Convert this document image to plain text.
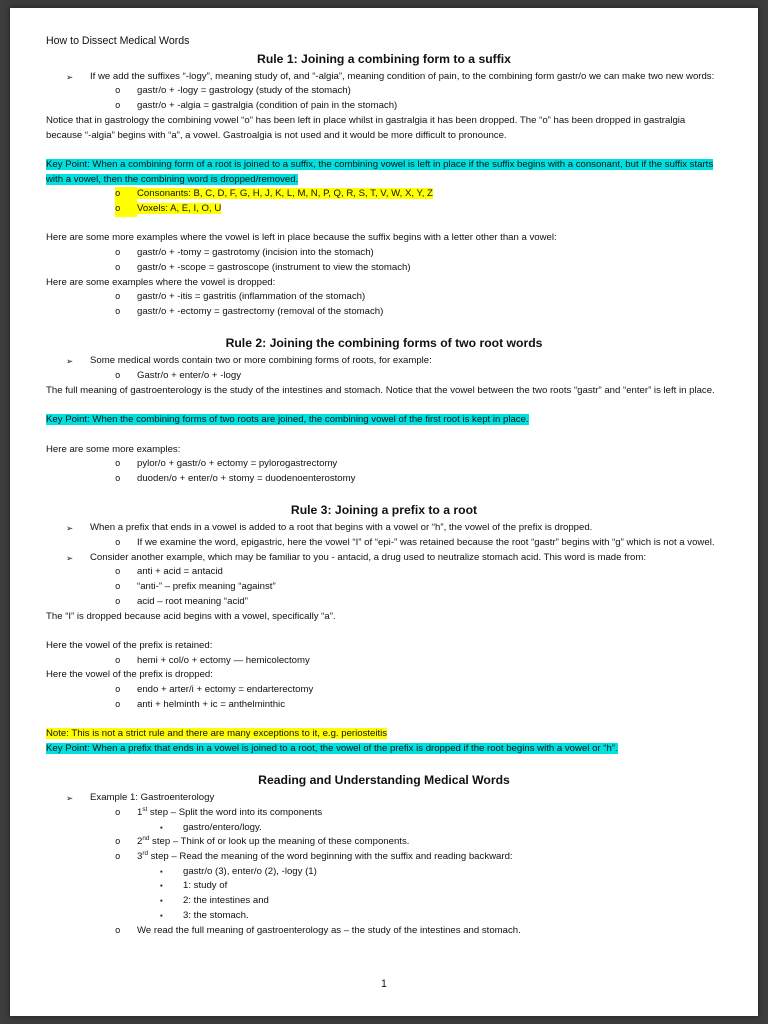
How to Dissect Medical Words
Rule 1: Joining a combining form to a suffix
➢	If we add the suffixes “-logy”, meaning study of, and “-algia”, meaning condition of pain, to the combining form gastr/o we can make two new words:
o	gastr/o + -logy = gastrology (study of the stomach)
o	gastr/o + -algia = gastralgia (condition of pain in the stomach)
Notice that in gastrology the combining vowel “o” has been left in place whilst in gastralgia it has been dropped. The “o” has been dropped in gastralgia because “-algia” begins with “a”, a vowel. Gastroalgia is not used and it would be more difficult to pronounce.
Key Point: When a combining form of a root is joined to a suffix, the combining vowel is left in place if the suffix begins with a consonant, but if the suffix starts with a vowel, then the combining word is dropped/removed.
o	Consonants: B, C, D, F, G, H, J, K, L, M, N, P, Q, R, S, T, V, W, X, Y, Z
o	Voxels: A, E, I, O, U
Here are some more examples where the vowel is left in place because the suffix begins with a letter other than a vowel:
o	gastr/o + -tomy = gastrotomy (incision into the stomach)
o	gastr/o + -scope = gastroscope (instrument to view the stomach)
Here are some examples where the vowel is dropped:
o	gastr/o + -itis = gastritis (inflammation of the stomach)
o	gastr/o + -ectomy = gastrectomy (removal of the stomach)
Rule 2: Joining the combining forms of two root words
➢	Some medical words contain two or more combining forms of roots, for example:
o	Gastr/o + enter/o + -logy
The full meaning of gastroenterology is the study of the intestines and stomach. Notice that the vowel between the two roots “gastr” and “enter” is left in place.
Key Point: When the combining forms of two roots are joined, the combining vowel of the first root is kept in place.
Here are some more examples:
o	pylor/o + gastr/o + ectomy = pylorogastrectomy
o	duoden/o + enter/o + stomy = duodenoenterostomy
Rule 3: Joining a prefix to a root
➢	When a prefix that ends in a vowel is added to a root that begins with a vowel or “h”, the vowel of the prefix is dropped.
o	If we examine the word, epigastric, here the vowel “I” of “epi-” was retained because the root “gastr” begins with “g” which is not a vowel.
➢	Consider another example, which may be familiar to you - antacid, a drug used to neutralize stomach acid. This word is made from:
o	anti + acid = antacid
o	“anti-” – prefix meaning “against”
o	acid – root meaning “acid”
The “I” is dropped because acid begins with a vowel, specifically “a”.
Here the vowel of the prefix is retained:
o	hemi + col/o + ectomy — hemicolectomy
Here the vowel of the prefix is dropped:
o	endo + arter/i + ectomy = endarterectomy
o	anti + helminth + ic = anthelminthic
Note: This is not a strict rule and there are many exceptions to it, e.g. periosteitis
Key Point: When a prefix that ends in a vowel is joined to a root, the vowel of the prefix is dropped if the root begins with a vowel or “h”.
Reading and Understanding Medical Words
➢	Example 1: Gastroenterology
o	1st step – Split the word into its components
▪	gastro/entero/logy.
o	2nd step – Think of or look up the meaning of these components.
o	3rd step – Read the meaning of the word beginning with the suffix and reading backward:
▪	gastr/o (3), enter/o (2), -logy (1)
▪	1: study of
▪	2: the intestines and
▪	3: the stomach.
o	We read the full meaning of gastroenterology as – the study of the intestines and stomach.
1
